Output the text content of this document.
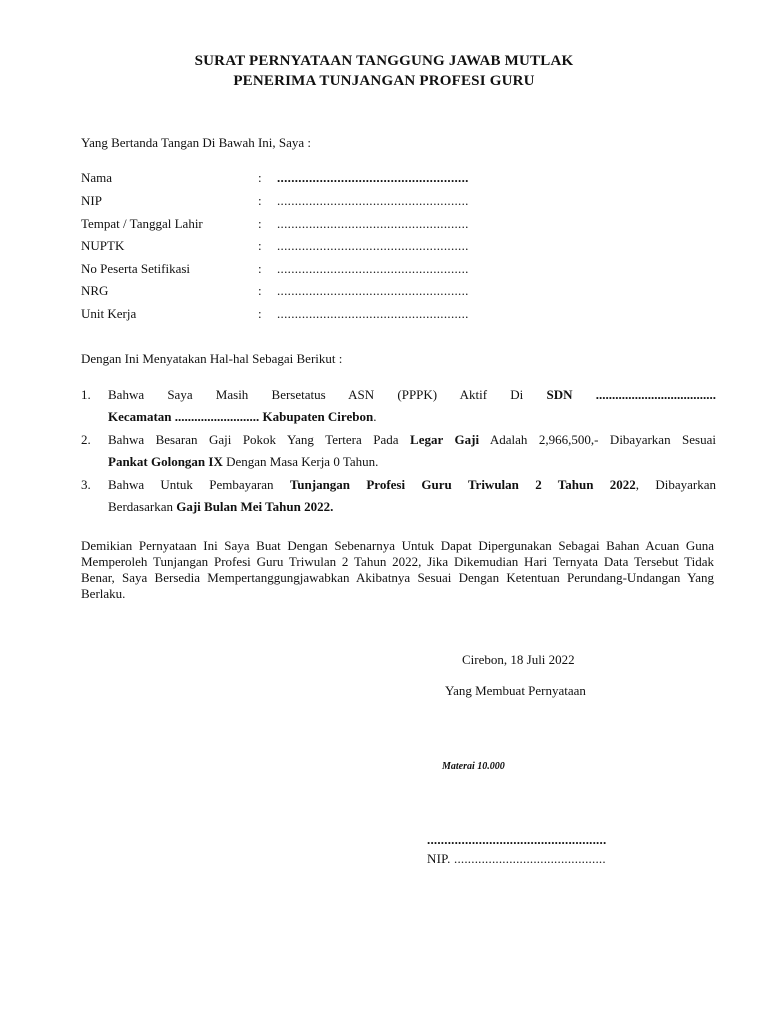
SURAT PERNYATAAN TANGGUNG JAWAB MUTLAK
PENERIMA TUNJANGAN PROFESI GURU
Yang Bertanda Tangan Di Bawah Ini, Saya :
Nama	: ......................................................
NIP	: ......................................................
Tempat / Tanggal Lahir	: ......................................................
NUPTK	: ......................................................
No Peserta Setifikasi	: ......................................................
NRG	: ......................................................
Unit Kerja	: ......................................................
Dengan Ini Menyatakan Hal-hal Sebagai Berikut :
1. Bahwa Saya Masih Bersetatus ASN (PPPK) Aktif Di SDN .....................................
Kecamatan .......................... Kabupaten Cirebon.
2. Bahwa Besaran Gaji Pokok Yang Tertera Pada Legar Gaji Adalah 2,966,500,- Dibayarkan Sesuai
Pankat Golongan IX Dengan Masa Kerja 0 Tahun.
3. Bahwa Untuk Pembayaran Tunjangan Profesi Guru Triwulan 2 Tahun 2022, Dibayarkan
Berdasarkan Gaji Bulan Mei Tahun 2022.
Demikian Pernyataan Ini Saya Buat Dengan Sebenarnya Untuk Dapat Dipergunakan Sebagai Bahan Acuan Guna Memperoleh Tunjangan Profesi Guru Triwulan 2 Tahun 2022, Jika Dikemudian Hari Ternyata Data Tersebut Tidak Benar, Saya Bersedia Mempertanggungjawabkan Akibatnya Sesuai Dengan Ketentuan Perundang-Undangan Yang Berlaku.
Cirebon, 18 Juli 2022
Yang Membuat Pernyataan
Materai 10.000
....................................................
NIP. ............................................
